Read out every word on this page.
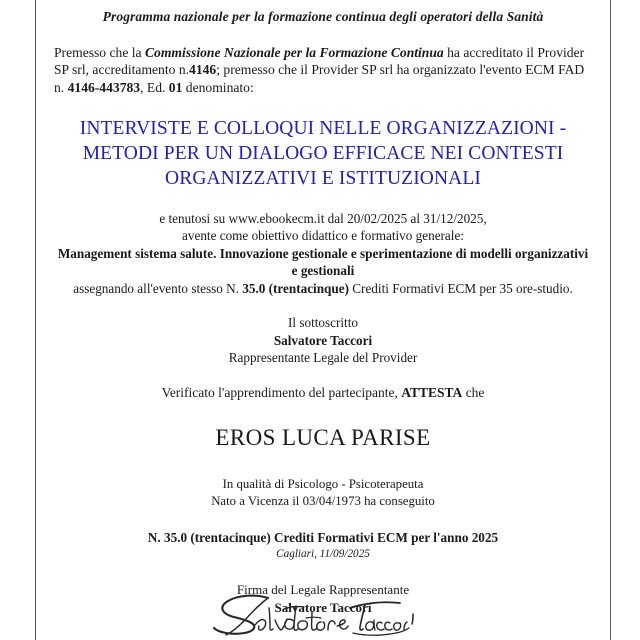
Programma nazionale per la formazione continua degli operatori della Sanità

Premesso che la Commissione Nazionale per la Formazione Continua ha accreditato il Provider SP srl, accreditamento n.4146; premesso che il Provider SP srl ha organizzato l'evento ECM FAD n. 4146-443783, Ed. 01 denominato:

INTERVISTE E COLLOQUI NELLE ORGANIZZAZIONI - METODI PER UN DIALOGO EFFICACE NEI CONTESTI ORGANIZZATIVI E ISTITUZIONALI
e tenutosi su www.ebookecm.it dal 20/02/2025 al 31/12/2025,
avente come obiettivo didattico e formativo generale:
Management sistema salute. Innovazione gestionale e sperimentazione di modelli organizzativi e gestionali
assegnando all'evento stesso N. 35.0 (trentacinque) Crediti Formativi ECM per 35 ore-studio.
Il sottoscritto
Salvatore Taccori
Rappresentante Legale del Provider
Verificato l'apprendimento del partecipante, ATTESTA che
EROS LUCA PARISE
In qualità di Psicologo - Psicoterapeuta
Nato a Vicenza il 03/04/1973 ha conseguito
N. 35.0 (trentacinque) Crediti Formativi ECM per l'anno 2025
Cagliari, 11/09/2025
Firma del Legale Rappresentante
Salvatore Taccori
